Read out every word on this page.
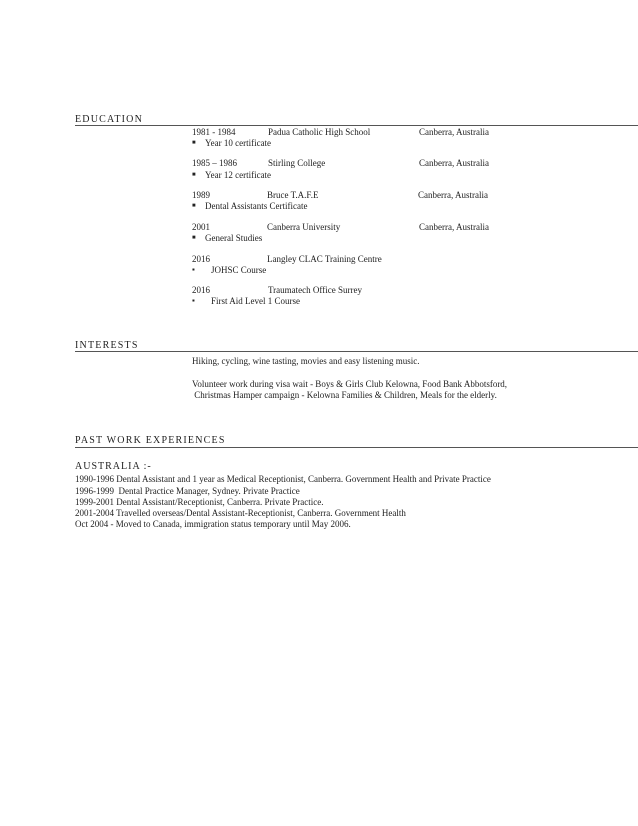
EDUCATION
1981 - 1984	Padua Catholic High School	Canberra, Australia
■ Year 10 certificate
1985 – 1986	Stirling College	Canberra, Australia
■ Year 12 certificate
1989	Bruce T.A.F.E	Canberra, Australia
■ Dental Assistants Certificate
2001	Canberra University	Canberra, Australia
■ General Studies
2016	Langley CLAC Training Centre
▪ JOHSC Course
2016	Traumatech Office Surrey
▪ First Aid Level 1 Course
INTERESTS
Hiking, cycling, wine tasting, movies and easy listening music.
Volunteer work during visa wait - Boys & Girls Club Kelowna, Food Bank Abbotsford,
Christmas Hamper campaign - Kelowna Families & Children, Meals for the elderly.
PAST WORK EXPERIENCES
AUSTRALIA :-
1990-1996 Dental Assistant and 1 year as Medical Receptionist, Canberra. Government Health and Private Practice
1996-1999  Dental Practice Manager, Sydney. Private Practice
1999-2001 Dental Assistant/Receptionist, Canberra. Private Practice.
2001-2004 Travelled overseas/Dental Assistant-Receptionist, Canberra. Government Health
Oct 2004 - Moved to Canada, immigration status temporary until May 2006.
